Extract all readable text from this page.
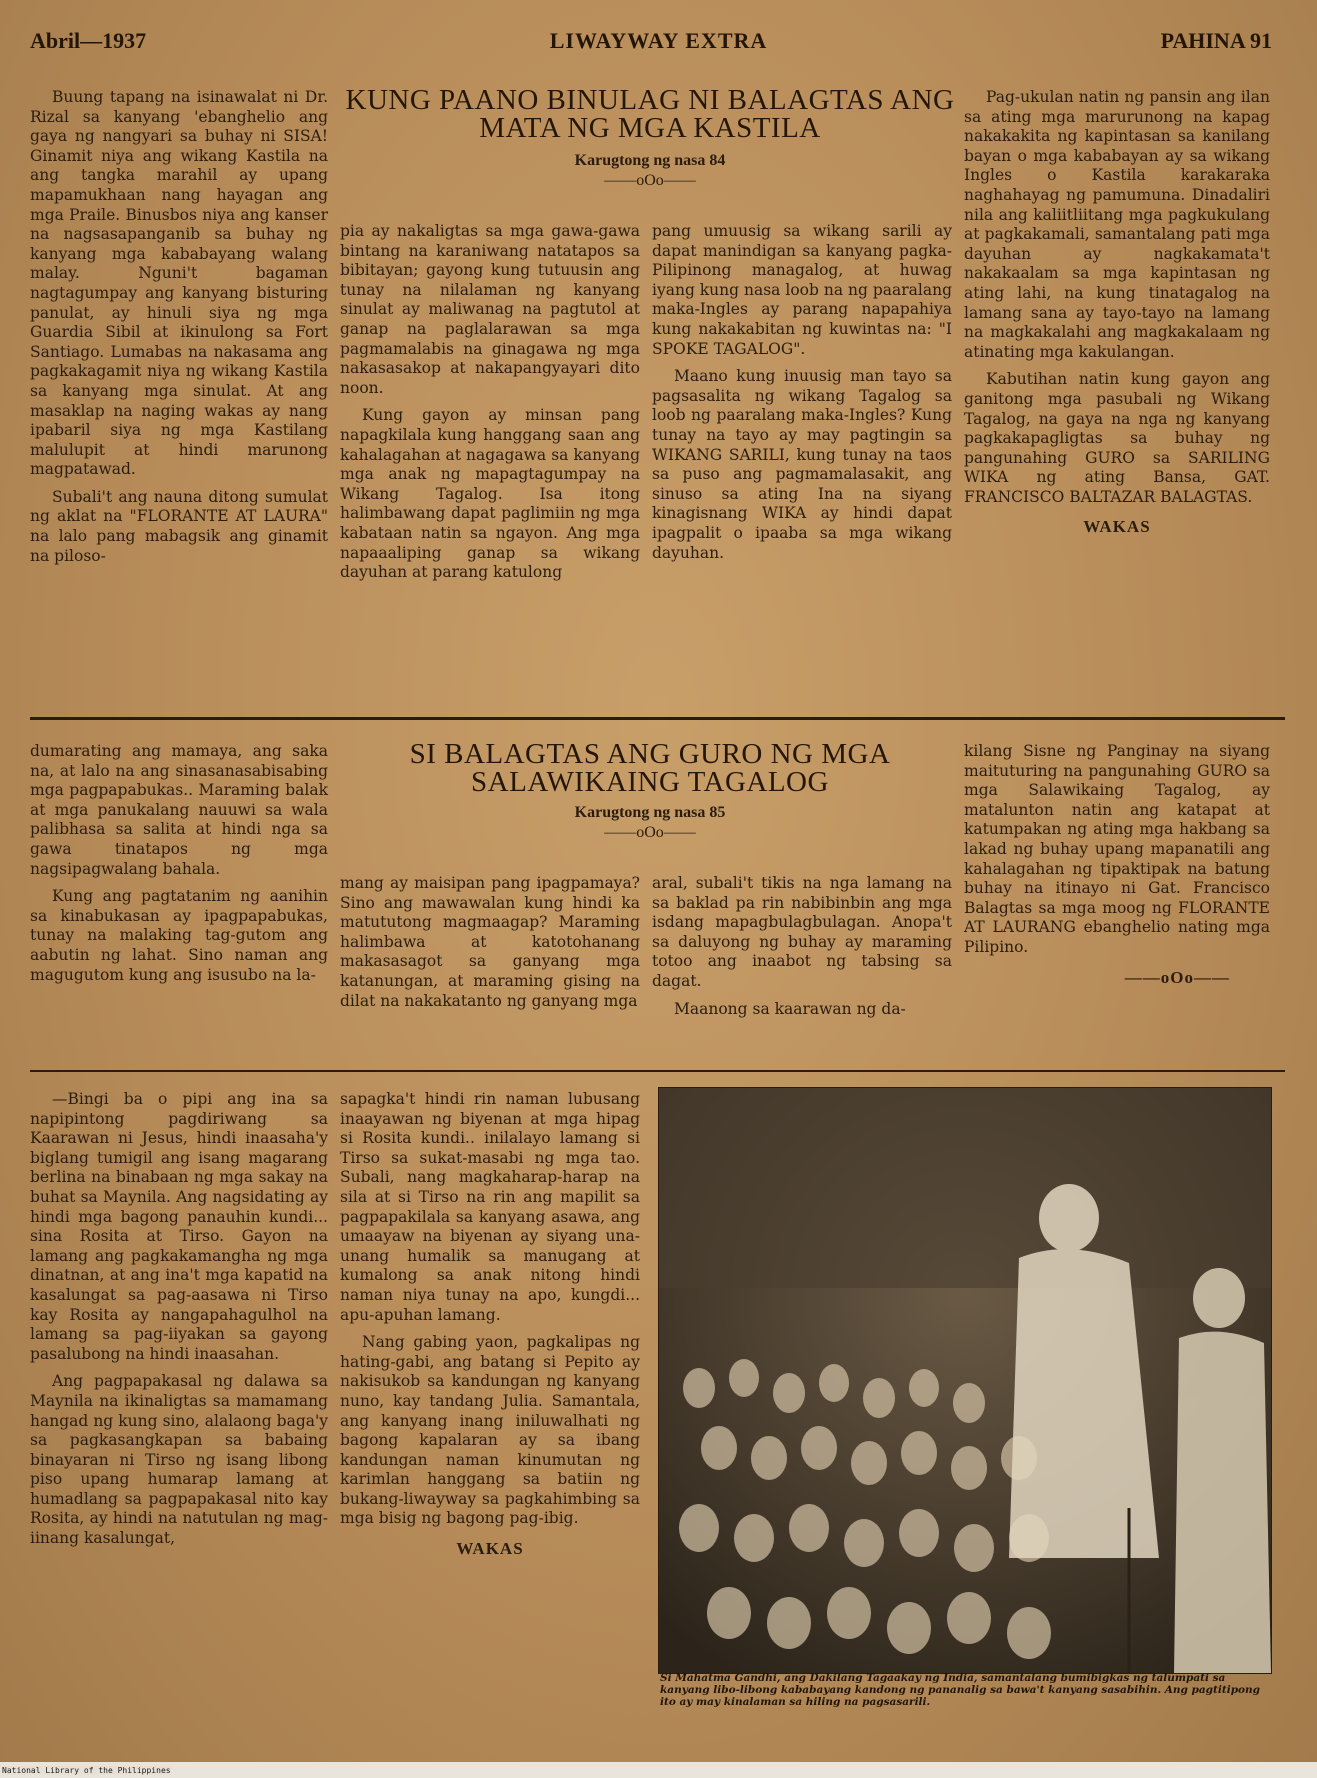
LIWAYWAY EXTRA
Abril—1937	PAHINA 91
KUNG PAANO BINULAG NI BALAGTAS ANG MATA NG MGA KASTILA
Karugtong ng nasa 84
——oOo——

Buung tapang na isinawalat ni Dr. Rizal sa kanyang 'ebanghelio ang gaya ng nangyari sa buhay ni SISA! Ginamit niya ang wikang Kastila na ang tangka marahil ay upang mapamukhaan nang hayagan ang mga Praile. Binusbos niya ang kanser na nagsasapanganib sa buhay ng kanyang mga kababayang walang malay. Nguni't bagaman nagtagumpay ang kanyang bisturing panulat, ay hinuli siya ng mga Guardia Sibil at ikinulong sa Fort Santiago. Lumabas na nakasama ang pagkakagamit niya ng wikang Kastila sa kanyang mga sinulat. At ang masaklap na naging wakas ay nang ipabaril siya ng mga Kastilang malulupit at hindi marunong magpatawad.

Subali't ang nauna ditong sumulat ng aklat na "FLORANTE AT LAURA" na lalo pang mabagsik ang ginamit na piloso-

pia ay nakaligtas sa mga gawa-gawa bintang na karaniwang natatapos sa bibitayan; gayong kung tutuusin ang tunay na nilalaman ng kanyang sinulat ay maliwanag na pagtutol at ganap na paglalarawan sa mga pagmamalabis na ginagawa ng mga nakasasakop at nakapangyayari dito noon.

Kung gayon ay minsan pang napagkilala kung hanggang saan ang kahalagahan at nagagawa sa kanyang mga anak ng mapagtagumpay na Wikang Tagalog. Isa itong halimbawang dapat paglimiin ng mga kabataan natin sa ngayon. Ang mga napaaaliping ganap sa wikang dayuhan at parang katulong

pang umuusig sa wikang sarili ay dapat manindigan sa kanyang pagka-Pilipinong managalog, at huwag iyang kung nasa loob na ng paaralang maka-Ingles ay parang napapahiya kung nakakabitan ng kuwintas na: "I SPOKE TAGALOG".

Maano kung inuusig man tayo sa pagsasalita ng wikang Tagalog sa loob ng paaralang maka-Ingles? Kung tunay na tayo ay may pagtingin sa WIKANG SARILI, kung tunay na taos sa puso ang pagmamalasakit, ang sinuso sa ating Ina na siyang kinagisnang WIKA ay hindi dapat ipagpalit o ipaaba sa mga wikang dayuhan.

Pag-ukulan natin ng pansin ang ilan sa ating mga marurunong na kapag nakakakita ng kapintasan sa kanilang bayan o mga kababayan ay sa wikang Ingles o Kastila karakaraka naghahayag ng pamumuna. Dinadaliri nila ang kaliitliitang mga pagkukulang at pagkakamali, samantalang pati mga dayuhan ay nagkakamata't nakakaalam sa mga kapintasan ng ating lahi, na kung tinatagalog na lamang sana ay tayo-tayo na lamang na magkakalahi ang magkakalaam ng atinating mga kakulangan.

Kabutihan natin kung gayon ang ganitong mga pasubali ng Wikang Tagalog, na gaya na nga ng kanyang pagkakapagligtas sa buhay ng pangunahing GURO sa SARILING WIKA ng ating Bansa, GAT. FRANCISCO BALTAZAR BALAGTAS.

WAKAS
SI BALAGTAS ANG GURO NG MGA SALAWIKAING TAGALOG
Karugtong ng nasa 85
——oOo——

dumarating ang mamaya, ang saka na, at lalo na ang sinasanasabisabing mga pagpapabukas.. Maraming balak at mga panukalang nauuwi sa wala palibhasa sa salita at hindi nga sa gawa tinatapos ng mga nagsipagwalang bahala.

Kung ang pagtatanim ng aanihin sa kinabukasan ay ipagpapabukas, tunay na malaking tag-gutom ang aabutin ng lahat. Sino naman ang magugutom kung ang isusubo na la-

mang ay maisipan pang ipagpamaya? Sino ang mawawalan kung hindi ka matututong magmaagap? Maraming halimbawa at katotohanang makasasagot sa ganyang mga katanungan, at maraming gising na dilat na nakakatanto ng ganyang mga

aral, subali't tikis na nga lamang na sa baklad pa rin nabibinbin ang mga isdang mapagbulagbulagan. Anopa't sa daluyong ng buhay ay maraming totoo ang inaabot ng tabsing sa dagat.

Maanong sa kaarawan ng da-

kilang Sisne ng Panginay na siyang maituturing na pangunahing GURO sa mga Salawikaing Tagalog, ay matalunton natin ang katapat at katumpakan ng ating mga hakbang sa lakad ng buhay upang mapanatili ang kahalagahan ng tipaktipak na batung buhay na itinayo ni Gat. Francisco Balagtas sa mga moog ng FLORANTE AT LAURANG ebanghelio nating mga Pilipino.

——oOo——

—Bingi ba o pipi ang ina sa napipintong pagdiriwang sa Kaarawan ni Jesus, hindi inaasaha'y biglang tumigil ang isang magarang berlina na binabaan ng mga sakay na buhat sa Maynila. Ang nagsidating ay hindi mga bagong panauhin kundi... sina Rosita at Tirso. Gayon na lamang ang pagkakamangha ng mga dinatnan, at ang ina't mga kapatid na kasalungat sa pag-aasawa ni Tirso kay Rosita ay nangapahagulhol na lamang sa pag-iiyakan sa gayong pasalubong na hindi inaasahan.

Ang pagpapakasal ng dalawa sa Maynila na ikinaligtas sa mamamang hangad ng kung sino, alalaong baga'y sa pagkasangkapan sa babaing binayaran ni Tirso ng isang libong piso upang humarap lamang at humadlang sa pagpapakasal nito kay Rosita, ay hindi na natutulan ng mag-iinang kasalungat,

sapagka't hindi rin naman lubusang inaayawan ng biyenan at mga hipag si Rosita kundi.. inilalayo lamang si Tirso sa sukat-masabi ng mga tao. Subali, nang magkaharap-harap na sila at si Tirso na rin ang mapilit sa pagpapakilala sa kanyang asawa, ang umaayaw na biyenan ay siyang una-unang humalik sa manugang at kumalong sa anak nitong hindi naman niya tunay na apo, kungdi... apu-apuhan lamang.

Nang gabing yaon, pagkalipas ng hating-gabi, ang batang si Pepito ay nakisukob sa kandungan ng kanyang nuno, kay tandang Julia. Samantala, ang kanyang inang iniluwalhati ng bagong kapalaran ay sa ibang kandungan naman kinumutan ng karimlan hanggang sa batiin ng bukang-liwayway sa pagkahimbing sa mga bisig ng bagong pag-ibig.

WAKAS
Si Mahatma Gandhi, ang Dakilang Tagaakay ng India, samantalang bumibigkas ng talumpati sa kanyang libo-libong kababayang kandong ng pananalig sa bawa't kanyang sasabihin. Ang pagtitipong ito ay may kinalaman sa hiling na pagsasarili.
National Library of the Philippines
